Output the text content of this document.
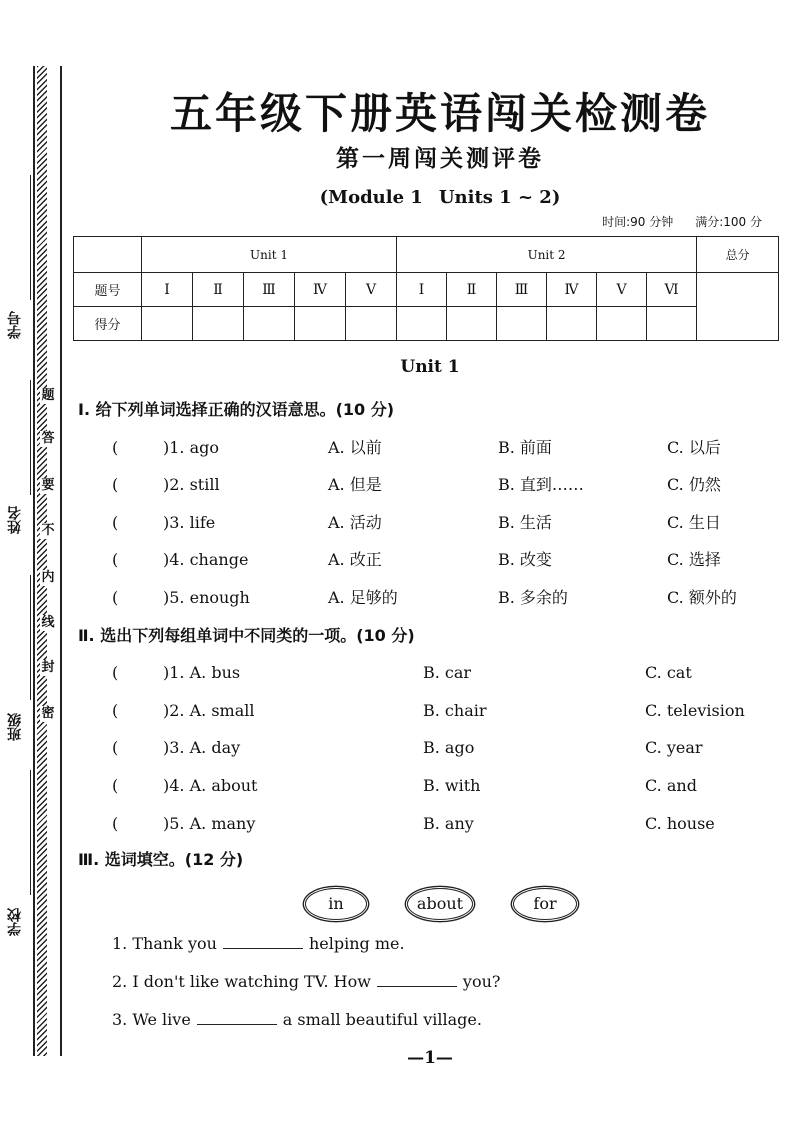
题
答
要
不
内
线
封
密
学号
姓名
班级
学校
五年级下册英语闯关检测卷
第一周闯关测评卷
(Module 1 Units 1 ~ 2)
时间:90 分钟 满分:100 分
	Unit 1					Unit 2						总分
题号	Ⅰ	Ⅱ	Ⅲ	Ⅳ	Ⅴ	Ⅰ	Ⅱ	Ⅲ	Ⅳ	Ⅴ	Ⅵ	
得分												
Unit 1
Ⅰ. 给下列单词选择正确的汉语意思。(10 分)
(	)1. ago	A. 以前	B. 前面	C. 以后
(	)2. still	A. 但是	B. 直到……	C. 仍然
(	)3. life	A. 活动	B. 生活	C. 生日
(	)4. change	A. 改正	B. 改变	C. 选择
(	)5. enough	A. 足够的	B. 多余的	C. 额外的
Ⅱ. 选出下列每组单词中不同类的一项。(10 分)
(	)1. A. bus	B. car	C. cat
(	)2. A. small	B. chair	C. television
(	)3. A. day	B. ago	C. year
(	)4. A. about	B. with	C. and
(	)5. A. many	B. any	C. house
Ⅲ. 选词填空。(12 分)
in	about	for
1. Thank you	helping me.
2. I don't like watching TV. How	you?
3. We live	a small beautiful village.
—1—
